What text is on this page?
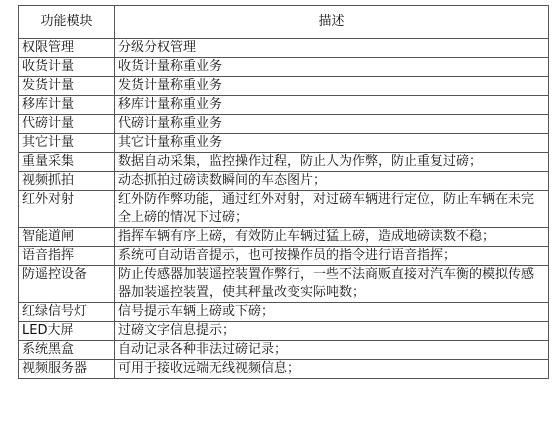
功能模块	描述
权限管理	分级分权管理
收货计量	收货计量称重业务
发货计量	发货计量称重业务
移库计量	移库计量称重业务
代磅计量	代磅计量称重业务
其它计量	其它计量称重业务
重量采集	数据自动采集，监控操作过程，防止人为作弊，防止重复过磅；
视频抓拍	动态抓拍过磅读数瞬间的车态图片；
红外对射	红外防作弊功能，通过红外对射，对过磅车辆进行定位，防止车辆在未完全上磅的情况下过磅；
智能道闸	指挥车辆有序上磅，有效防止车辆过猛上磅，造成地磅读数不稳；
语音指挥	系统可自动语音提示，也可按操作员的指令进行语音指挥；
防遥控设备	防止传感器加装遥控装置作弊行，一些不法商贩直接对汽车衡的模拟传感器加装遥控装置，使其秤量改变实际吨数；
红绿信号灯	信号提示车辆上磅或下磅；
LED大屏	过磅文字信息提示；
系统黑盒	自动记录各种非法过磅记录；
视频服务器	可用于接收远端无线视频信息；
